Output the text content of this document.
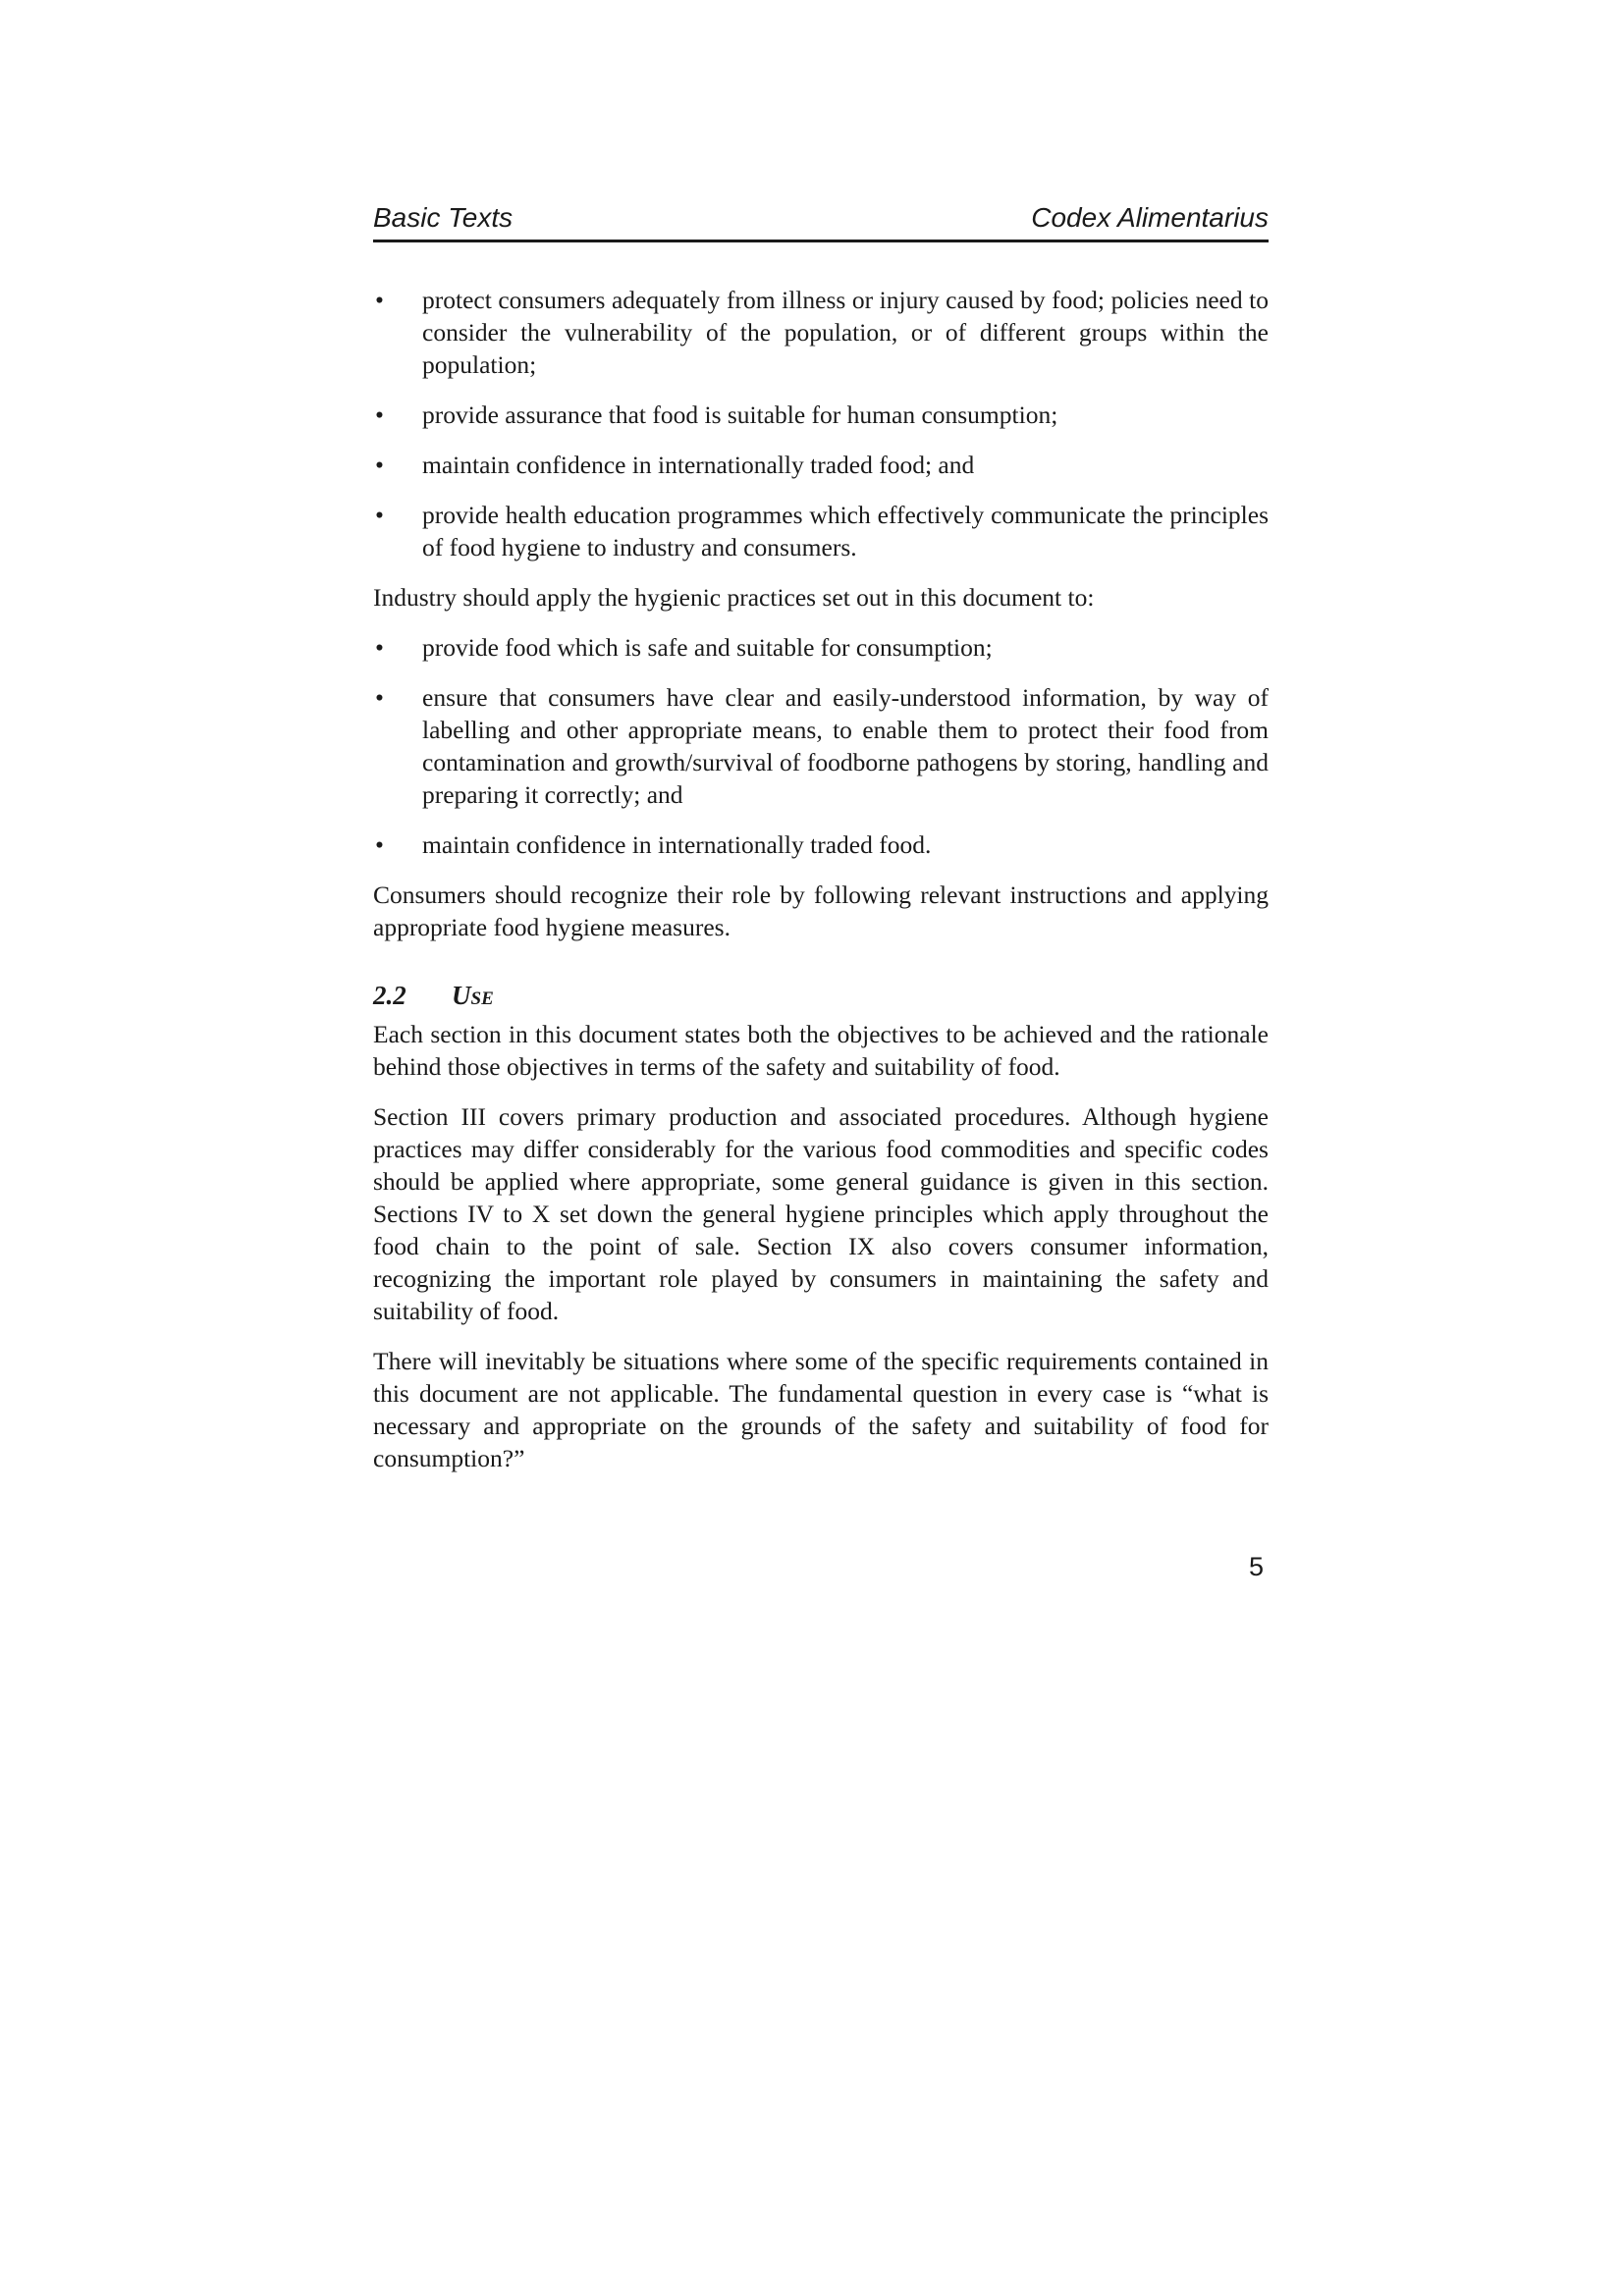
Basic Texts	Codex Alimentarius
• protect consumers adequately from illness or injury caused by food; policies need to consider the vulnerability of the population, or of different groups within the population;
• provide assurance that food is suitable for human consumption;
• maintain confidence in internationally traded food; and
• provide health education programmes which effectively communicate the principles of food hygiene to industry and consumers.

Industry should apply the hygienic practices set out in this document to:

• provide food which is safe and suitable for consumption;
• ensure that consumers have clear and easily-understood information, by way of labelling and other appropriate means, to enable them to protect their food from contamination and growth/survival of foodborne pathogens by storing, handling and preparing it correctly; and
• maintain confidence in internationally traded food.

Consumers should recognize their role by following relevant instructions and applying appropriate food hygiene measures.

2.2	Use

Each section in this document states both the objectives to be achieved and the rationale behind those objectives in terms of the safety and suitability of food.

Section III covers primary production and associated procedures. Although hygiene practices may differ considerably for the various food commodities and specific codes should be applied where appropriate, some general guidance is given in this section. Sections IV to X set down the general hygiene principles which apply throughout the food chain to the point of sale. Section IX also covers consumer information, recognizing the important role played by consumers in maintaining the safety and suitability of food.

There will inevitably be situations where some of the specific requirements contained in this document are not applicable. The fundamental question in every case is “what is necessary and appropriate on the grounds of the safety and suitability of food for consumption?”

5
